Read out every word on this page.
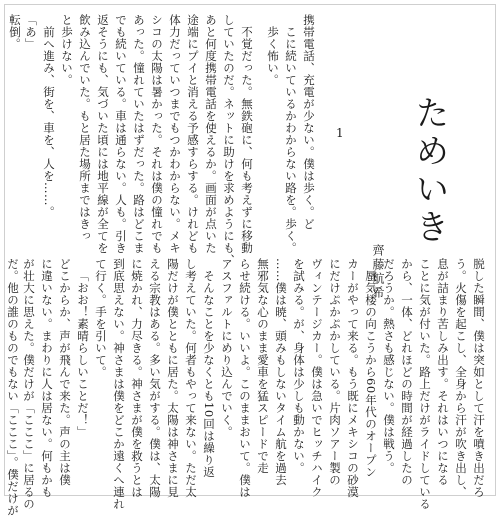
ためいき
齊藤航希
1
携帯電話、充電が少ない。僕は歩く。ど
こに続いているかわからない路を。歩く。
歩く怖い。
不覚だった。無鉄砲に、何も考えずに移動
していたのだ。ネットに助けを求めようにも、
あと何度携帯電話を使えるか。画面が点いた
途端にプイと消える予感すらする。けれども
体力だっていつまでもつかわからない。メキ
シコの太陽は暑かった。それは僕の憧れでも
あった。憧れていたはずだった。路はどこま
でも続いている。車は通らない。人も。引き
返そうにも、気づいた頃には地平線が全てを
飲み込んでいた。もと居た場所まではきっ
と歩けない。
前へ進み、街を、車を、人を……。
「あ」
転倒。
脱した瞬間、僕は突如として汗を噴き出だろ
う。火傷を起こし、全身から汗が吹き出し、
息が詰まり苦しみ出す。それはいつになる
ことに気が付いた。路上だけがライドしている
から、一体、どれほどの時間が経過したの
だろうか。熱さも感じない。僕は戦う。
蜃気楼の向こうから60年代のオープン
カーがやって来る。もう既にメキシコの砂漠
にだけぷかぷかしている。片肉ソアー製の
ヴィンテージカー。僕は急いでヒッチハイク
を試みる。が、身体は少しも動かない。
……僕は暁、頭みもしないタイム航を過去
無邪気な心のまま愛車を猛スピードで走
らせ続ける。いいよ。このままおいて。僕は
アスファルトにめり込んでいく。
そんなことを少なくとも10回は繰り返
し考えていた。何者もやって来ない。ただ太
陽だけが僕とともに居た。太陽は神さまに見
える宗教はある。多い気がする。僕は、太陽
に焼かれ、力尽きる。神さまが僕を救うとは
到底思えない。神さまは僕をどこか遠くへ連れ
て行く。手を引いて。
「おお！素晴らしいことだ！」
どこからか、声が飛んで来た。声の主は僕
に違いない。まわりに人は居ない。何もかも
が壮大に思えた。僕だけが「こここ」に居るの
だ。他の誰のものでもない「こここ」。僕だけが
